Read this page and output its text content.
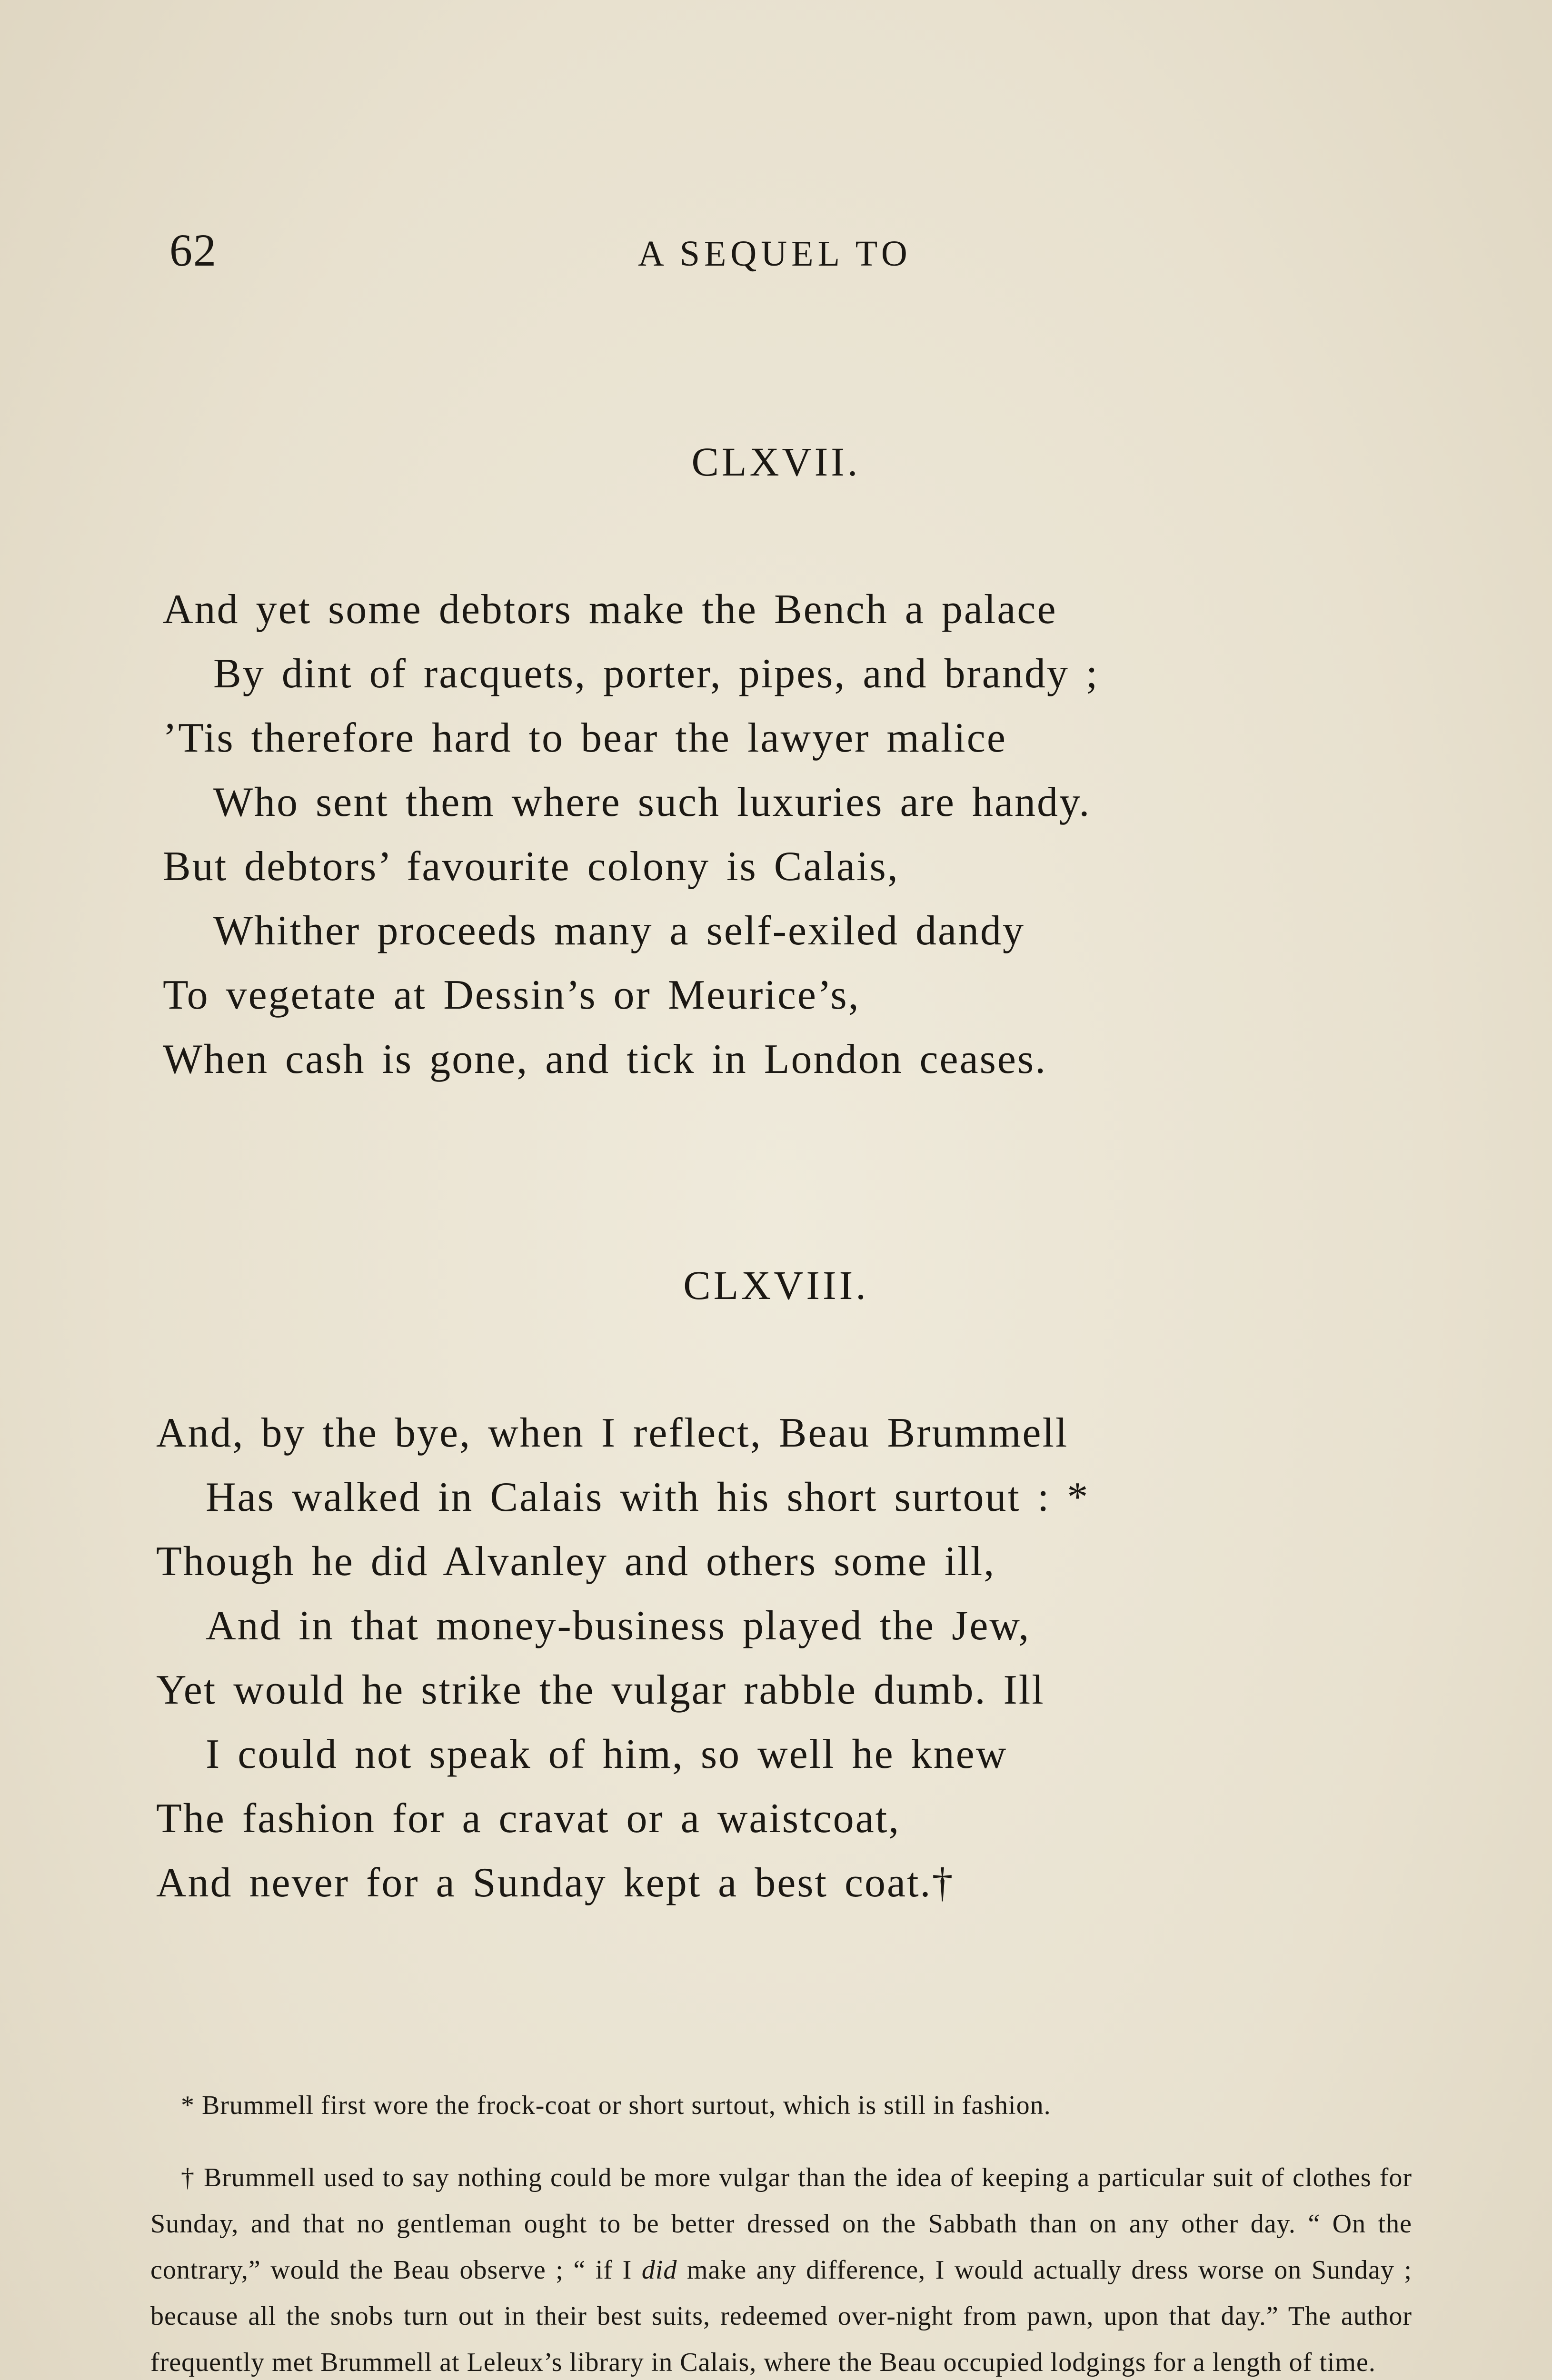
62	A SEQUEL TO
CLXVII.
And yet some debtors make the Bench a palace
By dint of racquets, porter, pipes, and brandy ;
’Tis therefore hard to bear the lawyer malice
Who sent them where such luxuries are handy.
But debtors’ favourite colony is Calais,
Whither proceeds many a self-exiled dandy
To vegetate at Dessin’s or Meurice’s,
When cash is gone, and tick in London ceases.
CLXVIII.
And, by the bye, when I reflect, Beau Brummell
Has walked in Calais with his short surtout : *
Though he did Alvanley and others some ill,
And in that money-business played the Jew,
Yet would he strike the vulgar rabble dumb. Ill
I could not speak of him, so well he knew
The fashion for a cravat or a waistcoat,
And never for a Sunday kept a best coat.†
* Brummell first wore the frock-coat or short surtout, which is still in fashion.
† Brummell used to say nothing could be more vulgar than the idea of keeping a particular suit of clothes for Sunday, and that no gentleman ought to be better dressed on the Sabbath than on any other day. “ On the contrary,” would the Beau observe ; “ if I did make any difference, I would actually dress worse on Sunday ; because all the snobs turn out in their best suits, redeemed over-night from pawn, upon that day.” The author frequently met Brummell at Leleux’s library in Calais, where the Beau occupied lodgings for a length of time.
